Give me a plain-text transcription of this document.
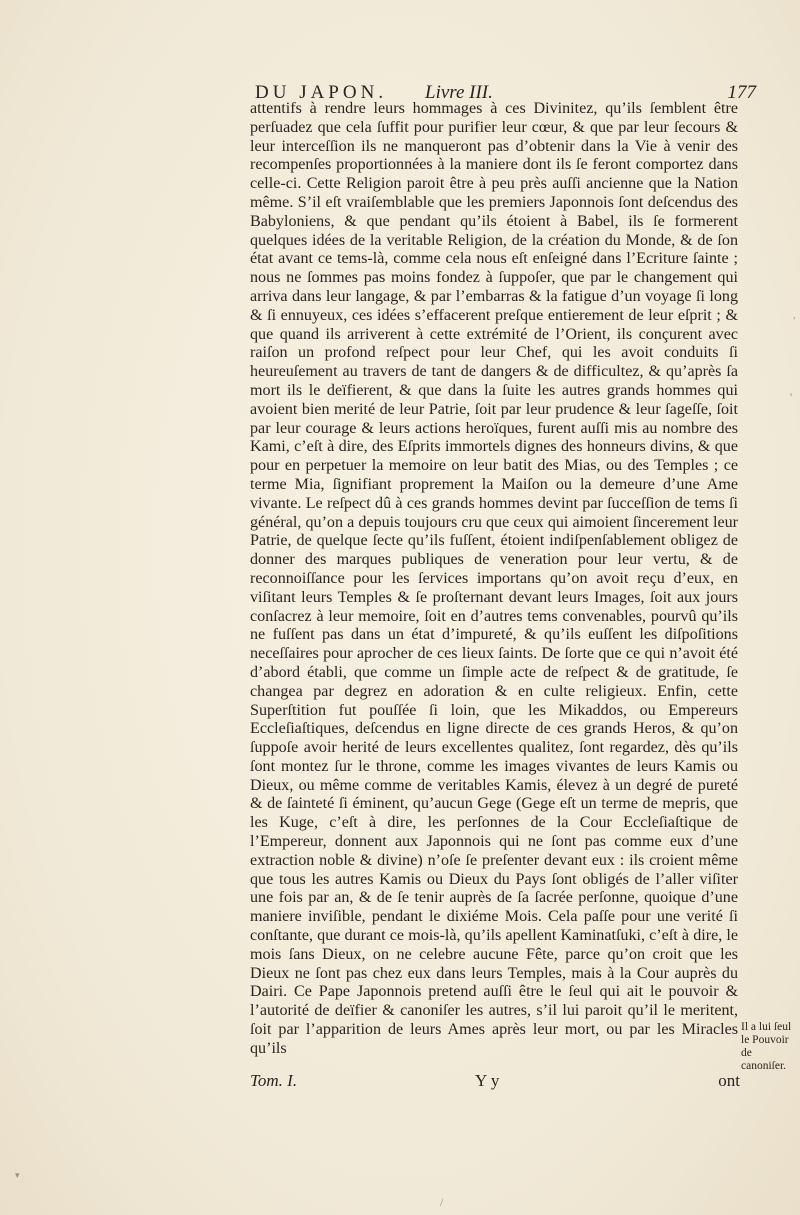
DU JAPON. Livre III.	177

attentifs à rendre leurs hommages à ces Divinitez, qu’ils ſemblent être perſuadez que cela ſuffit pour purifier leur cœur, & que par leur ſecours & leur interceſſion ils ne manqueront pas d’obtenir dans la Vie à venir des recompenſes proportionnées à la maniere dont ils ſe feront comportez dans celle-ci. Cette Religion paroit être à peu près auſſi ancienne que la Nation même. S’il eſt vraiſemblable que les premiers Japonnois ſont deſcendus des Babyloniens, & que pendant qu’ils étoient à Babel, ils ſe formerent quelques idées de la veritable Religion, de la création du Monde, & de ſon état avant ce tems-là, comme cela nous eſt enſeigné dans l’Ecriture ſainte ; nous ne ſommes pas moins fondez à ſuppoſer, que par le changement qui arriva dans leur langage, & par l’embarras & la fatigue d’un voyage ſi long & ſi ennuyeux, ces idées s’effacerent preſque entierement de leur eſprit ; & que quand ils arriverent à cette extrémité de l’Orient, ils conçurent avec raiſon un profond reſpect pour leur Chef, qui les avoit conduits ſi heureuſement au travers de tant de dangers & de difficultez, & qu’après ſa mort ils le deïfierent, & que dans la ſuite les autres grands hommes qui avoient bien merité de leur Patrie, ſoit par leur prudence & leur ſageſſe, ſoit par leur courage & leurs actions heroïques, furent auſſi mis au nombre des Kami, c’eſt à dire, des Eſprits immortels dignes des honneurs divins, & que pour en perpetuer la memoire on leur batit des Mias, ou des Temples ; ce terme Mia, ſignifiant proprement la Maiſon ou la demeure d’une Ame vivante. Le reſpect dû à ces grands hommes devint par ſucceſſion de tems ſi général, qu’on a depuis toujours cru que ceux qui aimoient ſincerement leur Patrie, de quelque ſecte qu’ils fuſſent, étoient indiſpenſablement obligez de donner des marques publiques de veneration pour leur vertu, & de reconnoiſſance pour les ſervices importans qu’on avoit reçu d’eux, en viſitant leurs Temples & ſe proſternant devant leurs Images, ſoit aux jours conſacrez à leur memoire, ſoit en d’autres tems convenables, pourvû qu’ils ne fuſſent pas dans un état d’impureté, & qu’ils euſſent les diſpoſitions neceſſaires pour aprocher de ces lieux ſaints. De ſorte que ce qui n’avoit été d’abord établi, que comme un ſimple acte de reſpect & de gratitude, ſe changea par degrez en adoration & en culte religieux. Enfin, cette Superſtition fut pouſſée ſi loin, que les Mikaddos, ou Empereurs Eccleſiaſtiques, deſcendus en ligne directe de ces grands Heros, & qu’on ſuppoſe avoir herité de leurs excellentes qualitez, ſont regardez, dès qu’ils ſont montez ſur le throne, comme les images vivantes de leurs Kamis ou Dieux, ou même comme de veritables Kamis, élevez à un degré de pureté & de ſainteté ſi éminent, qu’aucun Gege (Gege eſt un terme de mepris, que les Kuge, c’eſt à dire, les perſonnes de la Cour Eccleſiaſtique de l’Empereur, donnent aux Japonnois qui ne ſont pas comme eux d’une extraction noble & divine) n’oſe ſe preſenter devant eux : ils croient même que tous les autres Kamis ou Dieux du Pays ſont obligés de l’aller viſiter une fois par an, & de ſe tenir auprès de ſa ſacrée perſonne, quoique d’une maniere inviſible, pendant le dixiéme Mois. Cela paſſe pour une verité ſi conſtante, que durant ce mois-là, qu’ils apellent Kaminatſuki, c’eſt à dire, le mois ſans Dieux, on ne celebre aucune Fête, parce qu’on croit que les Dieux ne ſont pas chez eux dans leurs Temples, mais à la Cour auprès du Dairi. Ce Pape Japonnois pretend auſſi être le ſeul qui ait le pouvoir & l’autorité de deïfier & canoniſer les autres, s’il lui paroit qu’il le meritent, ſoit par l’apparition de leurs Ames après leur mort, ou par les Miracles qu’ils

Il a lui ſeul le Pouvoir de canoniſer.
Tom. I.	Y y	ont
,
'
/
▾
